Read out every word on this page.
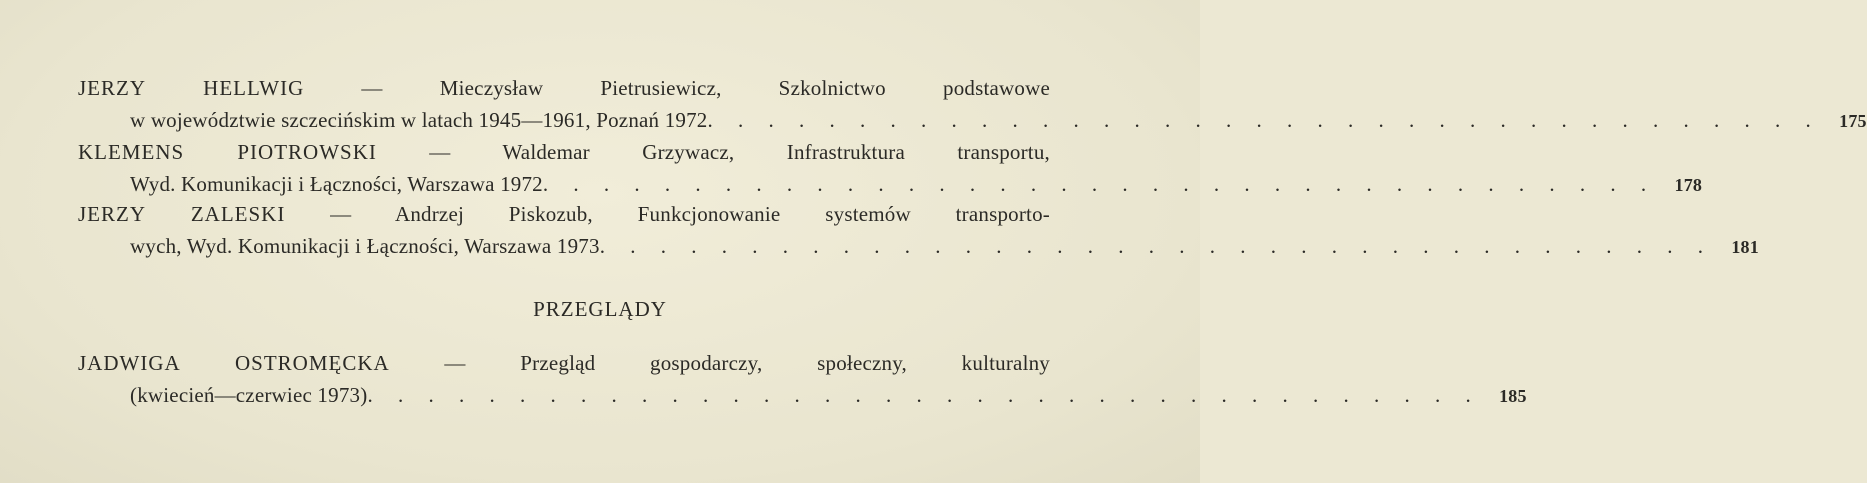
JERZY HELLWIG	— Mieczysław Pietrusiewicz, Szkolnictwo podstawowe
w województwie szczecińskim w latach 1945—1961, Poznań 1972 . . . . . . . . . . . . . . . . . . . . . . . . . . . . . . . . . . . . .	175
KLEMENS PIOTROWSKI — Waldemar Grzywacz, Infrastruktura transportu,
Wyd. Komunikacji i Łączności, Warszawa 1972 . . . . . . . . . . . . . . . . . . . . . . . . . . . . . . . . . . . . .	178
JERZY ZALESKI — Andrzej Piskozub, Funkcjonowanie systemów transporto-
wych, Wyd. Komunikacji i Łączności, Warszawa 1973 . . . . . . . . . . . . . . . . . . . . . . . . . . . . . . . . . . . . .	181
PRZEGLĄDY
JADWIGA OSTROMĘCKA	— Przegląd gospodarczy, społeczny, kulturalny
(kwiecień—czerwiec 1973) . . . . . . . . . . . . . . . . . . . . . . . . . . . . . . . . . . . . .	185
